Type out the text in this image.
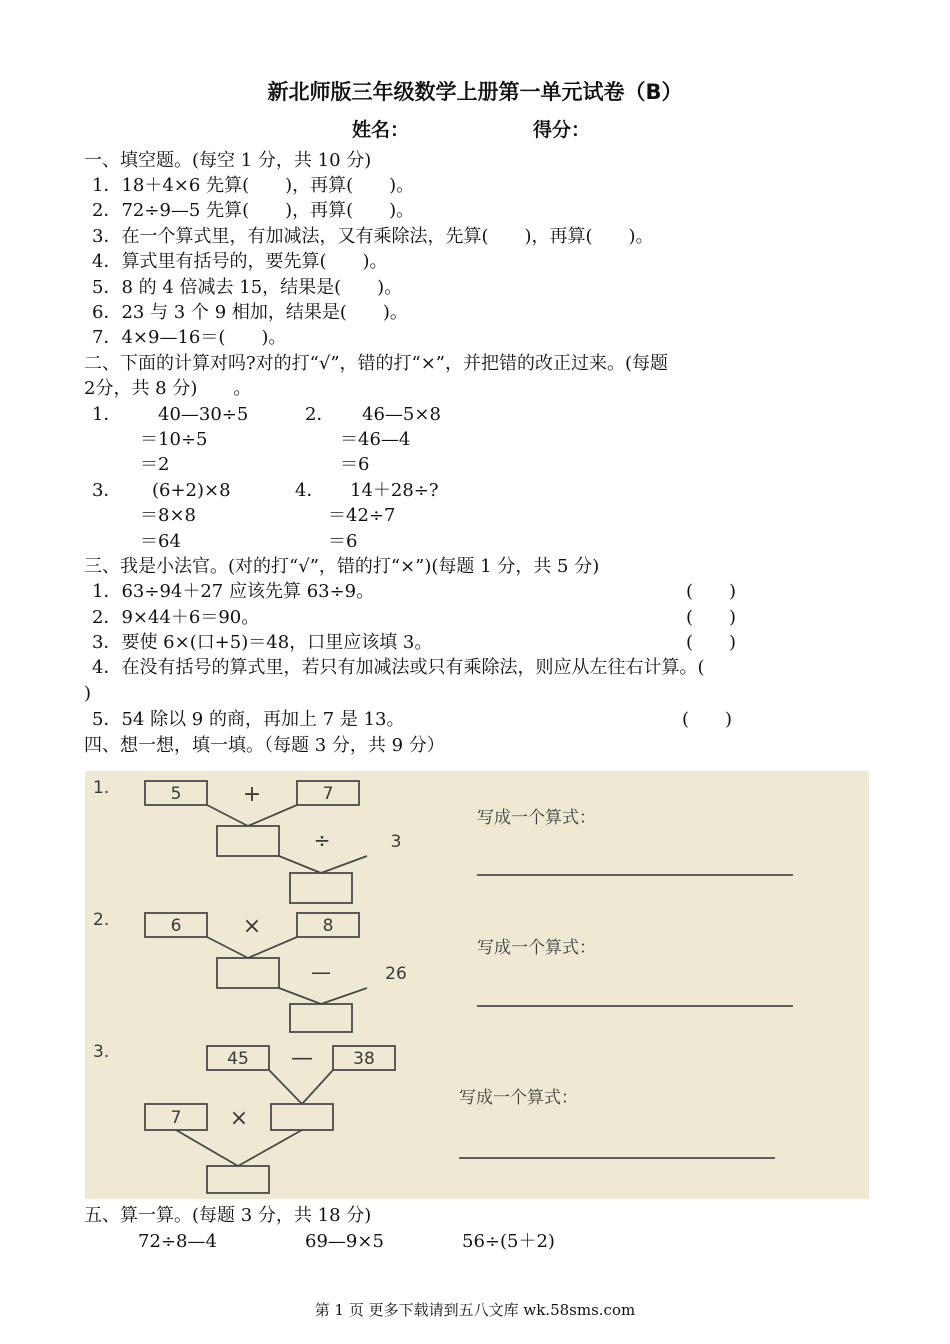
新北师版三年级数学上册第一单元试卷（B）
姓名：	得分：
一、填空题。(每空 1 分，共 10 分)
1．18＋4×6 先算(　　)，再算(　　)。
2．72÷9—5 先算(　　)，再算(　　)。
3．在一个算式里，有加减法，又有乘除法，先算(　　)，再算(　　)。
4．算式里有括号的，要先算(　　)。
5．8 的 4 倍减去 15，结果是(　　)。
6．23 与 3 个 9 相加，结果是(　　)。
7．4×9—16＝(　　)。
二、下面的计算对吗?对的打“√”，错的打“×”，并把错的改正过来。(每题
2分，共 8 分)　　。
1． 40—30÷5
＝10÷5
＝2
2． 46—5×8
＝46—4
＝6
3． (6+2)×8
＝8×8
＝64
4． 14＋28÷?
＝42÷7
＝6
三、我是小法官。(对的打“√”，错的打“×”)(每题 1 分，共 5 分)
1．63÷94＋27 应该先算 63÷9。	(　　)
2．9×44＋6＝90。	(　　)
3．要使 6×(口+5)＝48，口里应该填 3。	(　　)
4．在没有括号的算式里，若只有加减法或只有乘除法，则应从左往右计算。(
)
5．54 除以 9 的商，再加上 7 是 13。	(　　)
四、想一想，填一填。（每题 3 分，共 9 分）
1.	5	+	7
÷	3
写成一个算式：
2.	6	×	8
—	26
写成一个算式：
3.	45 — 38
7 ×
写成一个算式：
五、算一算。(每题 3 分，共 18 分)
72÷8—4	69—9×5	56÷(5＋2)
第 1 页 更多下载请到五八文库 wk.58sms.com
